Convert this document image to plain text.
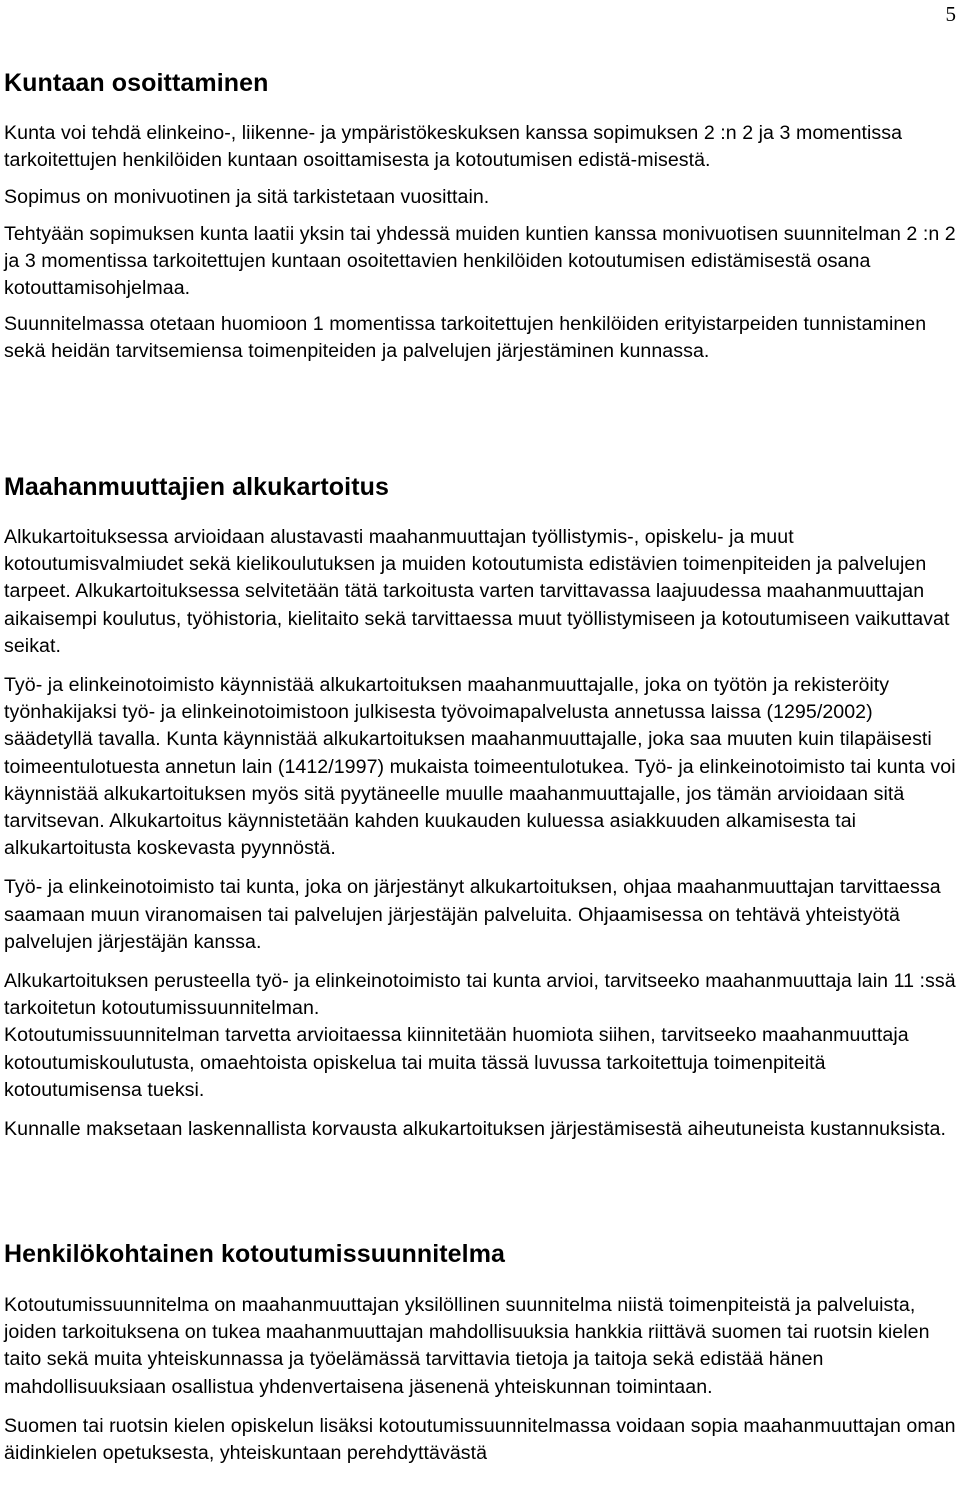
5
Kuntaan osoittaminen

Kunta voi tehdä elinkeino-, liikenne- ja ympäristökeskuksen kanssa sopimuksen 2 :n 2 ja 3 momentissa tarkoitettujen henkilöiden kuntaan osoittamisesta ja kotoutumisen edistä-misestä.

Sopimus on monivuotinen ja sitä tarkistetaan vuosittain.

Tehtyään sopimuksen kunta laatii yksin tai yhdessä muiden kuntien kanssa monivuotisen suunnitelman 2 :n 2 ja 3 momentissa tarkoitettujen kuntaan osoitettavien henkilöiden kotoutumisen edistämisestä osana kotouttamisohjelmaa.

Suunnitelmassa otetaan huomioon 1 momentissa tarkoitettujen henkilöiden erityistarpeiden tunnistaminen sekä heidän tarvitsemiensa toimenpiteiden ja palvelujen järjestäminen kunnassa.

Maahanmuuttajien alkukartoitus

Alkukartoituksessa arvioidaan alustavasti maahanmuuttajan työllistymis-, opiskelu- ja muut kotoutumisvalmiudet sekä kielikoulutuksen ja muiden kotoutumista edistävien toimenpiteiden ja palvelujen tarpeet. Alkukartoituksessa selvitetään tätä tarkoitusta varten tarvittavassa laajuudessa maahanmuuttajan aikaisempi koulutus, työhistoria, kielitaito sekä tarvittaessa muut työllistymiseen ja kotoutumiseen vaikuttavat seikat.

Työ- ja elinkeinotoimisto käynnistää alkukartoituksen maahanmuuttajalle, joka on työtön ja rekisteröity työnhakijaksi työ- ja elinkeinotoimistoon julkisesta työvoimapalvelusta annetussa laissa (1295/2002) säädetyllä tavalla. Kunta käynnistää alkukartoituksen maahanmuuttajalle, joka saa muuten kuin tilapäisesti toimeentulotuesta annetun lain (1412/1997) mukaista toimeentulotukea. Työ- ja elinkeinotoimisto tai kunta voi käynnistää alkukartoituksen myös sitä pyytäneelle muulle maahanmuuttajalle, jos tämän arvioidaan sitä tarvitsevan. Alkukartoitus käynnistetään kahden kuukauden kuluessa asiakkuuden alkamisesta tai alkukartoitusta koskevasta pyynnöstä.

Työ- ja elinkeinotoimisto tai kunta, joka on järjestänyt alkukartoituksen, ohjaa maahanmuuttajan tarvittaessa saamaan muun viranomaisen tai palvelujen järjestäjän palveluita. Ohjaamisessa on tehtävä yhteistyötä palvelujen järjestäjän kanssa.

Alkukartoituksen perusteella työ- ja elinkeinotoimisto tai kunta arvioi, tarvitseeko maahanmuuttaja lain 11 :ssä tarkoitetun kotoutumissuunnitelman.

Kotoutumissuunnitelman tarvetta arvioitaessa kiinnitetään huomiota siihen, tarvitseeko maahanmuuttaja kotoutumiskoulutusta, omaehtoista opiskelua tai muita tässä luvussa tarkoitettuja toimenpiteitä kotoutumisensa tueksi.

Kunnalle maksetaan laskennallista korvausta alkukartoituksen järjestämisestä aiheutuneista kustannuksista.

Henkilökohtainen kotoutumissuunnitelma

Kotoutumissuunnitelma on maahanmuuttajan yksilöllinen suunnitelma niistä toimenpiteistä ja palveluista, joiden tarkoituksena on tukea maahanmuuttajan mahdollisuuksia hankkia riittävä suomen tai ruotsin kielen taito sekä muita yhteiskunnassa ja työelämässä tarvittavia tietoja ja taitoja sekä edistää hänen mahdollisuuksiaan osallistua yhdenvertaisena jäsenenä yhteiskunnan toimintaan.

Suomen tai ruotsin kielen opiskelun lisäksi kotoutumissuunnitelmassa voidaan sopia maahanmuuttajan oman äidinkielen opetuksesta, yhteiskuntaan perehdyttävästä
